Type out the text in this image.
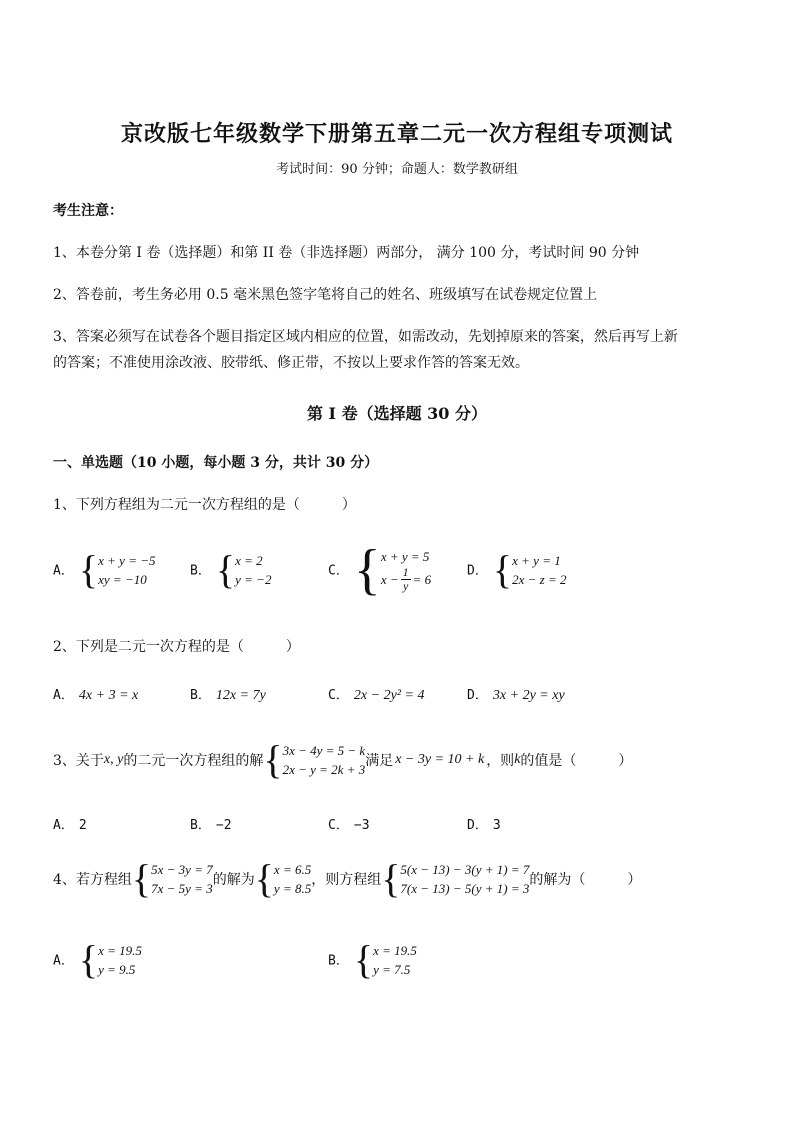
京改版七年级数学下册第五章二元一次方程组专项测试
考试时间：90 分钟；命题人：数学教研组
考生注意：
1、本卷分第 I 卷（选择题）和第 II 卷（非选择题）两部分， 满分 100 分，考试时间 90 分钟
2、答卷前，考生务必用 0.5 毫米黑色签字笔将自己的姓名、班级填写在试卷规定位置上
3、答案必须写在试卷各个题目指定区域内相应的位置，如需改动，先划掉原来的答案，然后再写上新
的答案；不准使用涂改液、胶带纸、修正带，不按以上要求作答的答案无效。
第 I 卷（选择题 30 分）
一、单选题（10 小题，每小题 3 分，共计 30 分）
1、下列方程组为二元一次方程组的是（　　　）
A． { x + y = −5
xy = −10
B． { x = 2
y = −2
C． { x + y = 5
$x - \frac{1}{y} = 6$
D． { x + y = 1
2x − z = 2
2、下列是二元一次方程的是（　　　）
A． 4x + 3 = x	B． 12x = 7y	C． 2x − 2y² = 4	D． 3x + 2y = xy
3、关于 x, y 的二元一次方程组的解 { 3x − 4y = 5 − k
2x − y = 2k + 3
满足 x − 3y = 10 + k ，则 k 的值是（　　　）
A． 2	B． −2	C． −3	D． 3
4、若方程组 { 5x − 3y = 7
7x − 5y = 3
的解为 { x = 6.5
y = 8.5
，则方程组 { 5(x − 13) − 3(y + 1) = 7
7(x − 13) − 5(y + 1) = 3
的解为（　　　）
A． { x = 19.5
y = 9.5
B． { x = 19.5
y = 7.5
